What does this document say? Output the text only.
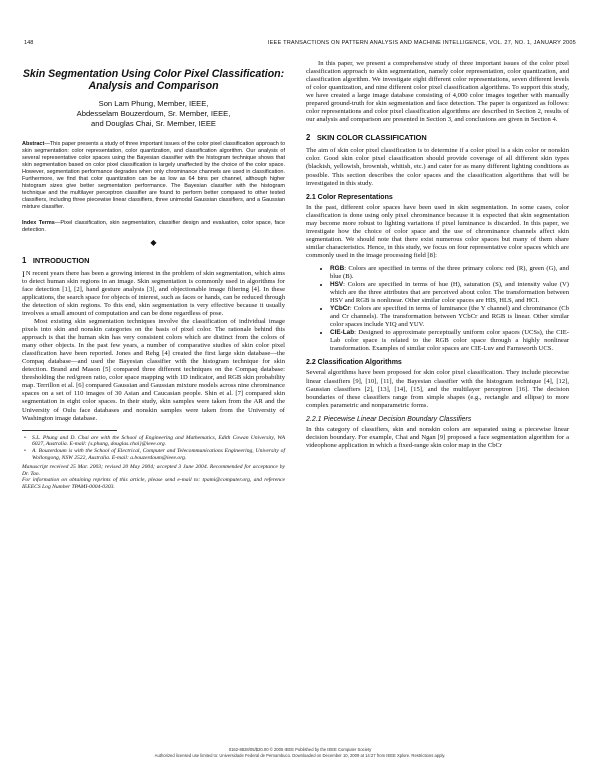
148	IEEE TRANSACTIONS ON PATTERN ANALYSIS AND MACHINE INTELLIGENCE, VOL. 27, NO. 1, JANUARY 2005
Skin Segmentation Using Color Pixel Classification: Analysis and Comparison
Son Lam Phung, Member, IEEE,
Abdesselam Bouzerdoum, Sr. Member, IEEE,
and Douglas Chai, Sr. Member, IEEE
Abstract—This paper presents a study of three important issues of the color pixel classification approach to skin segmentation: color representation, color quantization, and classification algorithm. Our analysis of several representative color spaces using the Bayesian classifier with the histogram technique shows that skin segmentation based on color pixel classification is largely unaffected by the choice of the color space. However, segmentation performance degrades when only chrominance channels are used in classification. Furthermore, we find that color quantization can be as low as 64 bins per channel, although higher histogram sizes give better segmentation performance. The Bayesian classifier with the histogram technique and the multilayer perceptron classifier are found to perform better compared to other tested classifiers, including three piecewise linear classifiers, three unimodal Gaussian classifiers, and a Gaussian mixture classifier.
Index Terms—Pixel classification, skin segmentation, classifier design and evaluation, color space, face detection.
◆
1 INTRODUCTION

I N recent years there has been a growing interest in the problem of skin segmentation, which aims to detect human skin regions in an image. Skin segmentation is commonly used in algorithms for face detection [1], [2], hand gesture analysis [3], and objectionable image filtering [4]. In these applications, the search space for objects of interest, such as faces or hands, can be reduced through the detection of skin regions. To this end, skin segmentation is very effective because it usually involves a small amount of computation and can be done regardless of pose.

Most existing skin segmentation techniques involve the classification of individual image pixels into skin and nonskin categories on the basis of pixel color. The rationale behind this approach is that the human skin has very consistent colors which are distinct from the colors of many other objects. In the past few years, a number of comparative studies of skin color pixel classification have been reported. Jones and Rehg [4] created the first large skin database—the Compaq database—and used the Bayesian classifier with the histogram technique for skin detection. Brand and Mason [5] compared three different techniques on the Compaq database: thresholding the red/green ratio, color space mapping with 1D indicator, and RGB skin probability map. Terrillon et al. [6] compared Gaussian and Gaussian mixture models across nine chrominance spaces on a set of 110 images of 30 Asian and Caucasian people. Shin et al. [7] compared skin segmentation in eight color spaces. In their study, skin samples were taken from the AR and the University of Oulu face databases and nonskin samples were taken from the University of Washington image database.

• S.L. Phung and D. Chai are with the School of Engineering and Mathematics, Edith Cowan University, WA 6027, Australia. E-mail: {s.phung, douglas.chai}@ieee.org.
• A. Bouzerdoum is with the School of Electrical, Computer and Telecommunications Engineering, University of Wollongong, NSW 2522, Australia. E-mail: a.bouzerdoum@ieee.org.
Manuscript received 25 Mar. 2003; revised 20 May 2004; accepted 3 June 2004. Recommended for acceptance by Dr. Tao.
For information on obtaining reprints of this article, please send e-mail to: tpami@computer.org, and reference IEEECS Log Number TPAMI-0004-0303.

In this paper, we present a comprehensive study of three important issues of the color pixel classification approach to skin segmentation, namely color representation, color quantization, and classification algorithm. We investigate eight different color representations, seven different levels of color quantization, and nine different color pixel classification algorithms. To support this study, we have created a large image database consisting of 4,000 color images together with manually prepared ground-truth for skin segmentation and face detection. The paper is organized as follows: color representations and color pixel classification algorithms are described in Section 2, results of our analysis and comparison are presented in Section 3, and conclusions are given in Section 4.

2 SKIN COLOR CLASSIFICATION

The aim of skin color pixel classification is to determine if a color pixel is a skin color or nonskin color. Good skin color pixel classification should provide coverage of all different skin types (blackish, yellowish, brownish, whitish, etc.) and cater for as many different lighting conditions as possible. This section describes the color spaces and the classification algorithms that will be investigated in this study.

2.1 Color Representations

In the past, different color spaces have been used in skin segmentation. In some cases, color classification is done using only pixel chrominance because it is expected that skin segmentation may become more robust to lighting variations if pixel luminance is discarded. In this paper, we investigate how the choice of color space and the use of chrominance channels affect skin segmentation. We should note that there exist numerous color spaces but many of them share similar characteristics. Hence, in this study, we focus on four representative color spaces which are commonly used in the image processing field [8]:

• RGB: Colors are specified in terms of the three primary colors: red (R), green (G), and blue (B).
• HSV: Colors are specified in terms of hue (H), saturation (S), and intensity value (V) which are the three attributes that are perceived about color. The transformation between HSV and RGB is nonlinear. Other similar color spaces are HIS, HLS, and HCI.
• YCbCr: Colors are specified in terms of luminance (the Y channel) and chrominance (Cb and Cr channels). The transformation between YCbCr and RGB is linear. Other similar color spaces include YIQ and YUV.
• CIE-Lab: Designed to approximate perceptually uniform color spaces (UCSs), the CIE-Lab color space is related to the RGB color space through a highly nonlinear transformation. Examples of similar color spaces are CIE-Luv and Farnsworth UCS.
2.2 Classification Algorithms

Several algorithms have been proposed for skin color pixel classification. They include piecewise linear classifiers [9], [10], [11], the Bayesian classifier with the histogram technique [4], [12], Gaussian classifiers [2], [13], [14], [15], and the multilayer perceptron [16]. The decision boundaries of these classifiers range from simple shapes (e.g., rectangle and ellipse) to more complex parametric and nonparametric forms.

2.2.1 Piecewise Linear Decision Boundary Classifiers

In this category of classifiers, skin and nonskin colors are separated using a piecewise linear decision boundary. For example, Chai and Ngan [9] proposed a face segmentation algorithm for a videophone application in which a fixed-range skin color map in the CbCr

0162-8828/05/$20.00 © 2005 IEEE Published by the IEEE Computer Society
Authorized licensed use limited to: Universidade Federal de Pernambuco. Downloaded on December 10, 2009 at 14:27 from IEEE Xplore. Restrictions apply.
